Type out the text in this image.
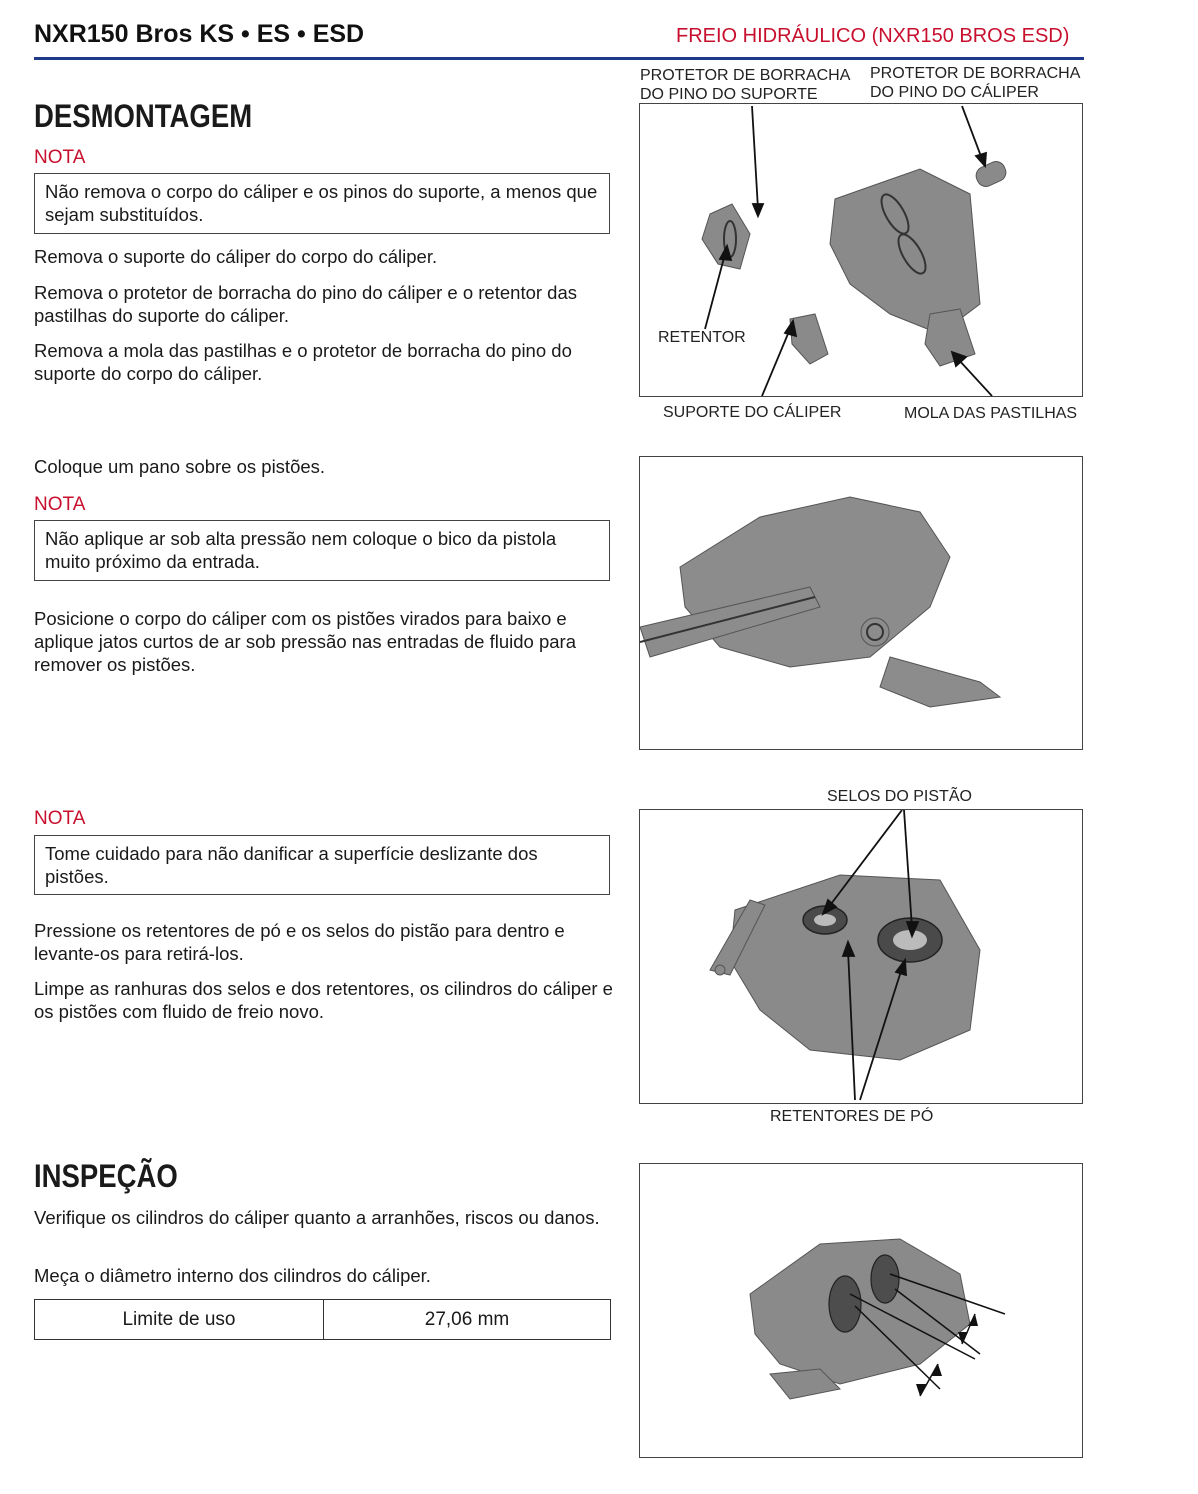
NXR150 Bros KS • ES • ESD	FREIO HIDRÁULICO (NXR150 BROS ESD)
DESMONTAGEM
NOTA
Não remova o corpo do cáliper e os pinos do suporte, a menos que sejam substituídos.
Remova o suporte do cáliper do corpo do cáliper.
Remova o protetor de borracha do pino do cáliper e o retentor das pastilhas do suporte do cáliper.
Remova a mola das pastilhas e o protetor de borracha do pino do suporte do corpo do cáliper.
PROTETOR DE BORRACHA DO PINO DO SUPORTE
PROTETOR DE BORRACHA DO PINO DO CÁLIPER
RETENTOR
SUPORTE DO CÁLIPER	MOLA DAS PASTILHAS
Coloque um pano sobre os pistões.
NOTA
Não aplique ar sob alta pressão nem coloque o bico da pistola muito próximo da entrada.
Posicione o corpo do cáliper com os pistões virados para baixo e aplique jatos curtos de ar sob pressão nas entradas de fluido para remover os pistões.
NOTA
Tome cuidado para não danificar a superfície deslizante dos pistões.
Pressione os retentores de pó e os selos do pistão para dentro e levante-os para retirá-los.
Limpe as ranhuras dos selos e dos retentores, os cilindros do cáliper e os pistões com fluido de freio novo.
SELOS DO PISTÃO
RETENTORES DE PÓ
INSPEÇÃO
Verifique os cilindros do cáliper quanto a arranhões, riscos ou danos.
Meça o diâmetro interno dos cilindros do cáliper.
Limite de uso	27,06 mm
